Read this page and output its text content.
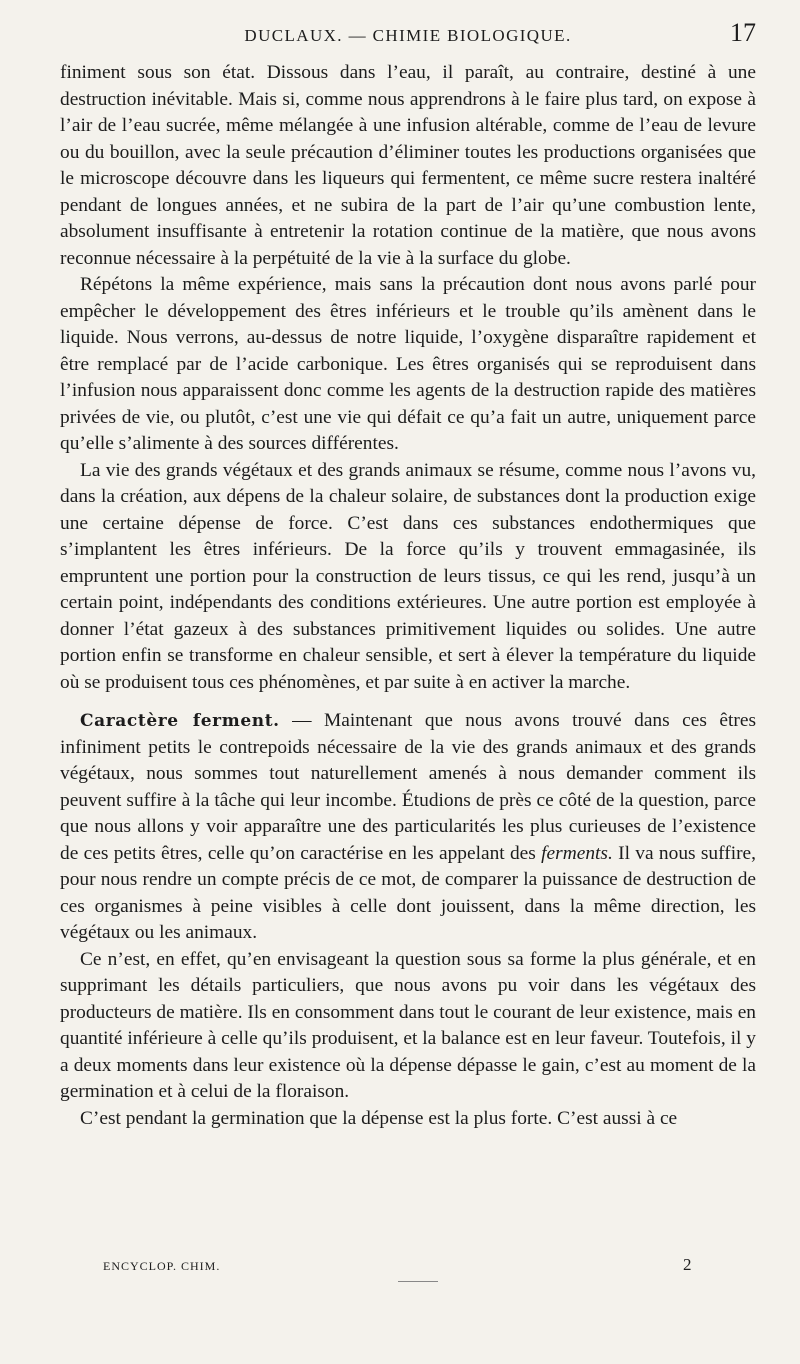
DUCLAUX. — CHIMIE BIOLOGIQUE.	17

finiment sous son état. Dissous dans l’eau, il paraît, au contraire, destiné à une destruction inévitable. Mais si, comme nous apprendrons à le faire plus tard, on expose à l’air de l’eau sucrée, même mélangée à une infusion altérable, comme de l’eau de levure ou du bouillon, avec la seule précaution d’éliminer toutes les productions organisées que le microscope découvre dans les liqueurs qui fermentent, ce même sucre restera inaltéré pendant de longues années, et ne subira de la part de l’air qu’une combustion lente, absolument insuffisante à entretenir la rotation continue de la matière, que nous avons reconnue nécessaire à la perpétuité de la vie à la surface du globe.

Répétons la même expérience, mais sans la précaution dont nous avons parlé pour empêcher le développement des êtres inférieurs et le trouble qu’ils amènent dans le liquide. Nous verrons, au-dessus de notre liquide, l’oxygène disparaître rapidement et être remplacé par de l’acide carbonique. Les êtres organisés qui se reproduisent dans l’infusion nous apparaissent donc comme les agents de la destruction rapide des matières privées de vie, ou plutôt, c’est une vie qui défait ce qu’a fait un autre, uniquement parce qu’elle s’alimente à des sources différentes.

La vie des grands végétaux et des grands animaux se résume, comme nous l’avons vu, dans la création, aux dépens de la chaleur solaire, de substances dont la production exige une certaine dépense de force. C’est dans ces substances endothermiques que s’implantent les êtres inférieurs. De la force qu’ils y trouvent emmagasinée, ils empruntent une portion pour la construction de leurs tissus, ce qui les rend, jusqu’à un certain point, indépendants des conditions extérieures. Une autre portion est employée à donner l’état gazeux à des substances primitivement liquides ou solides. Une autre portion enfin se transforme en chaleur sensible, et sert à élever la température du liquide où se produisent tous ces phénomènes, et par suite à en activer la marche.

Caractère ferment. — Maintenant que nous avons trouvé dans ces êtres infiniment petits le contrepoids nécessaire de la vie des grands animaux et des grands végétaux, nous sommes tout naturellement amenés à nous demander comment ils peuvent suffire à la tâche qui leur incombe. Étudions de près ce côté de la question, parce que nous allons y voir apparaître une des particularités les plus curieuses de l’existence de ces petits êtres, celle qu’on caractérise en les appelant des ferments. Il va nous suffire, pour nous rendre un compte précis de ce mot, de comparer la puissance de destruction de ces organismes à peine visibles à celle dont jouissent, dans la même direction, les végétaux ou les animaux.

Ce n’est, en effet, qu’en envisageant la question sous sa forme la plus générale, et en supprimant les détails particuliers, que nous avons pu voir dans les végétaux des producteurs de matière. Ils en consomment dans tout le courant de leur existence, mais en quantité inférieure à celle qu’ils produisent, et la balance est en leur faveur. Toutefois, il y a deux moments dans leur existence où la dépense dépasse le gain, c’est au moment de la germination et à celui de la floraison.

C’est pendant la germination que la dépense est la plus forte. C’est aussi à ce

ENCYCLOP. CHIM.	2
